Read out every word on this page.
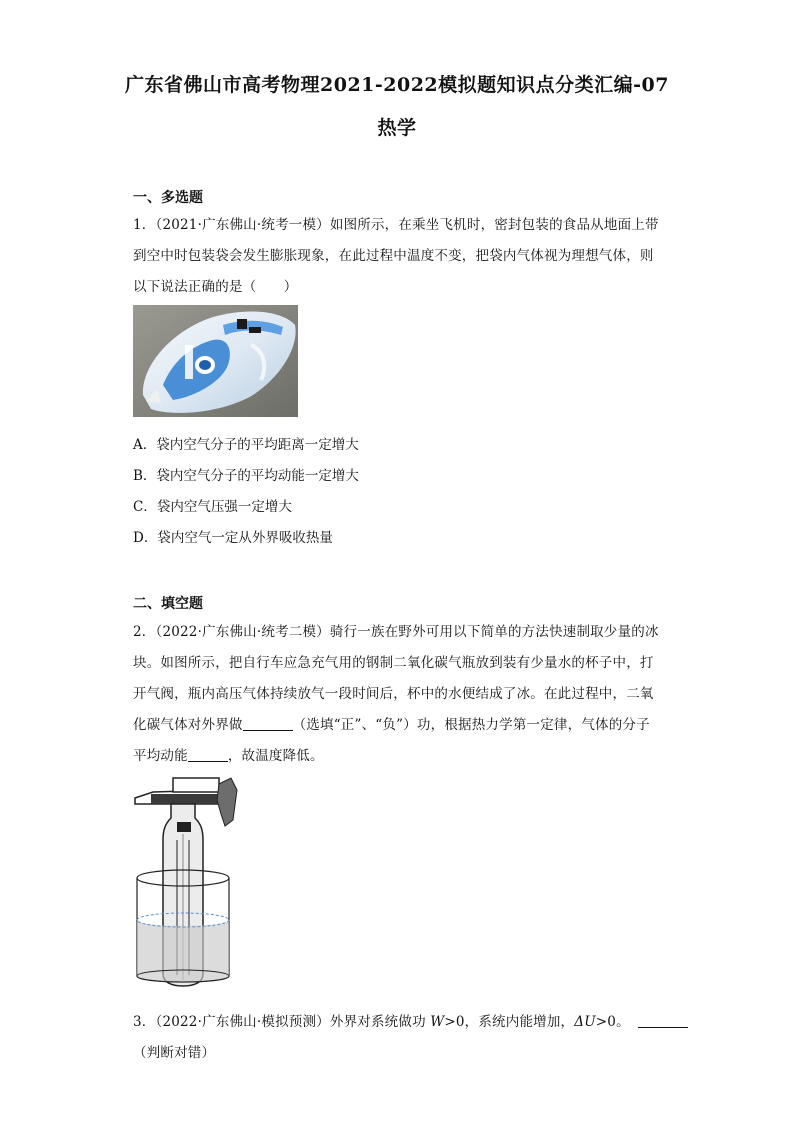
广东省佛山市高考物理2021-2022模拟题知识点分类汇编-07
热学
一、多选题
1．（2021·广东佛山·统考一模）如图所示，在乘坐飞机时，密封包装的食品从地面上带
到空中时包装袋会发生膨胀现象，在此过程中温度不变，把袋内气体视为理想气体，则
以下说法正确的是（　　）
A．袋内空气分子的平均距离一定增大
B．袋内空气分子的平均动能一定增大
C．袋内空气压强一定增大
D．袋内空气一定从外界吸收热量
二、填空题
2．（2022·广东佛山·统考二模）骑行一族在野外可用以下简单的方法快速制取少量的冰
块。如图所示，把自行车应急充气用的钢制二氧化碳气瓶放到装有少量水的杯子中，打
开气阀，瓶内高压气体持续放气一段时间后，杯中的水便结成了冰。在此过程中，二氧
化碳气体对外界做	（选填“正”、“负”）功，根据热力学第一定律，气体的分子
平均动能	，故温度降低。
3．（2022·广东佛山·模拟预测）外界对系统做功 W>0，系统内能增加，ΔU>0。
（判断对错）
